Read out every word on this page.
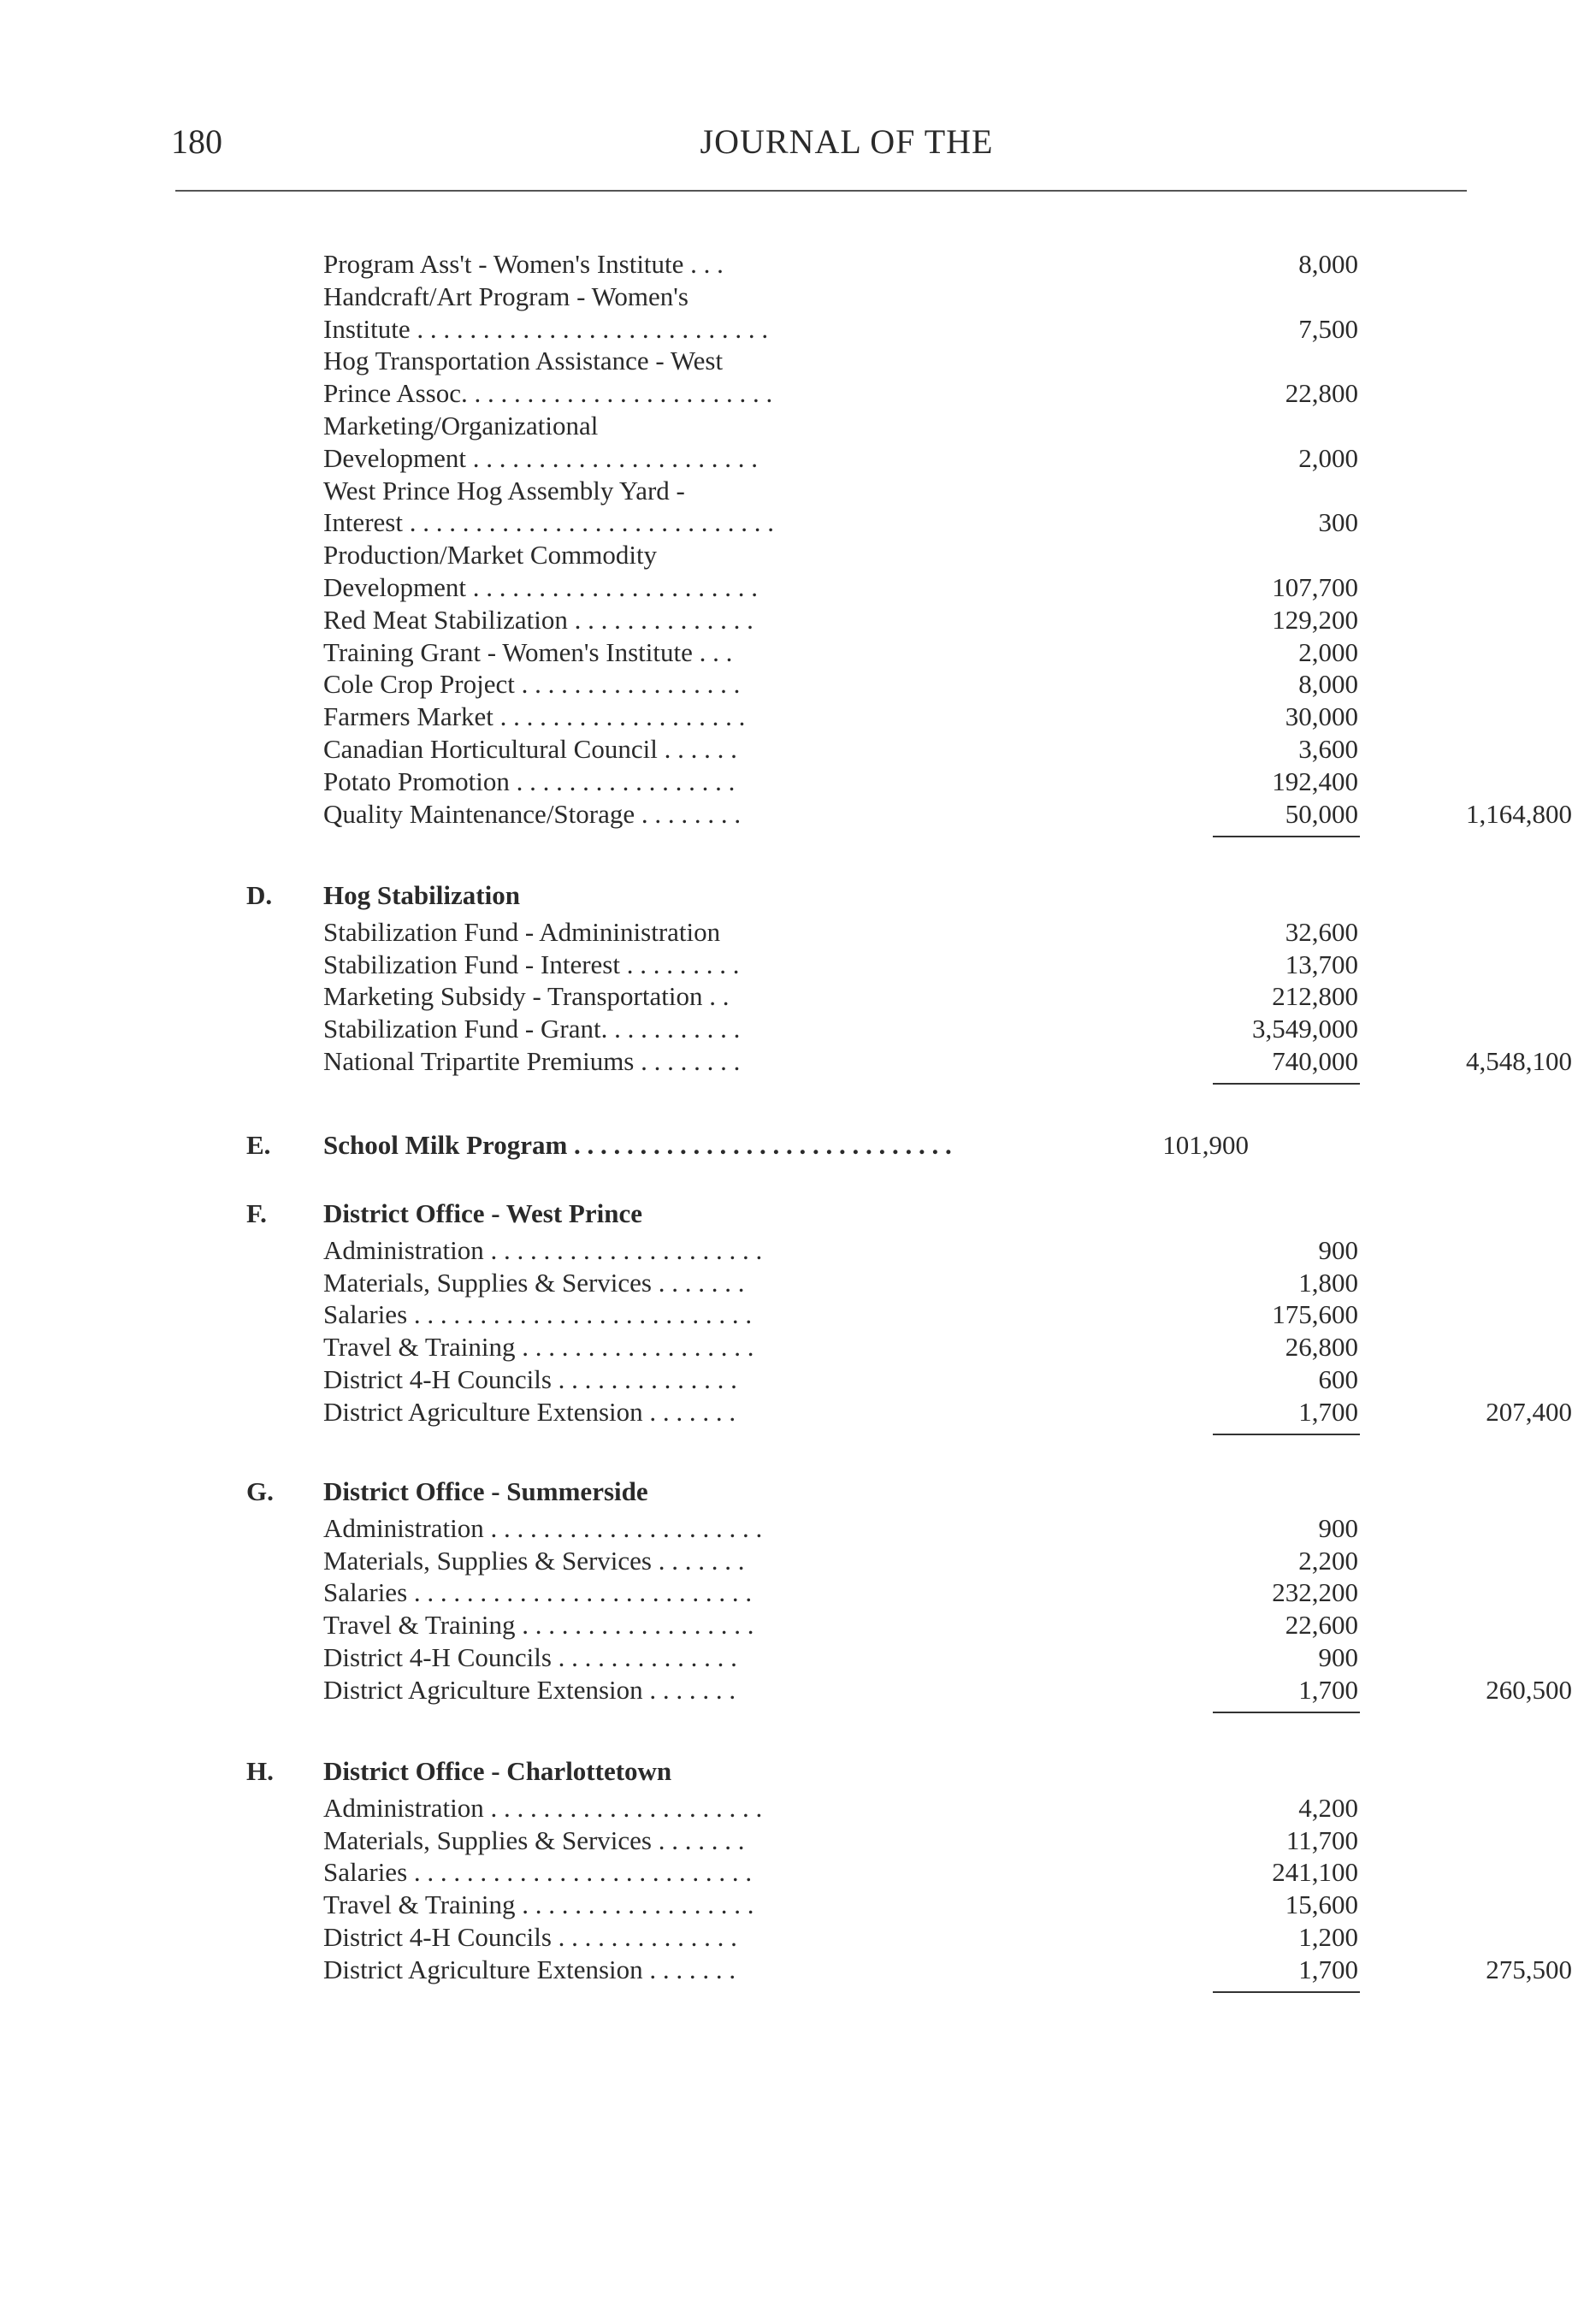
180	JOURNAL OF THE
Program Ass't - Women's Institute . . .	8,000
Handcraft/Art Program - Women's
Institute . . . . . . . . . . . . . . . . . . . . . . . . . . .	7,500
Hog Transportation Assistance - West
Prince Assoc. . . . . . . . . . . . . . . . . . . . . . . .	22,800
Marketing/Organizational
Development . . . . . . . . . . . . . . . . . . . . . .	2,000
West Prince Hog Assembly Yard -
Interest . . . . . . . . . . . . . . . . . . . . . . . . . . . .	300
Production/Market Commodity
Development . . . . . . . . . . . . . . . . . . . . . .	107,700
Red Meat Stabilization . . . . . . . . . . . . . .	129,200
Training Grant - Women's Institute . . .	2,000
Cole Crop Project . . . . . . . . . . . . . . . . .	8,000
Farmers Market . . . . . . . . . . . . . . . . . . .	30,000
Canadian Horticultural Council . . . . . .	3,600
Potato Promotion . . . . . . . . . . . . . . . . .	192,400
Quality Maintenance/Storage . . . . . . . .	50,000	1,164,800
D. Hog Stabilization
Stabilization Fund - Admininistration	32,600
Stabilization Fund - Interest . . . . . . . . .	13,700
Marketing Subsidy - Transportation . .	212,800
Stabilization Fund - Grant. . . . . . . . . . .	3,549,000
National Tripartite Premiums . . . . . . . .	740,000	4,548,100
E. School Milk Program . . . . . . . . . . . . . . . . . . . . . . . . . . . . .	101,900
F. District Office - West Prince
Administration . . . . . . . . . . . . . . . . . . . . .	900
Materials, Supplies & Services . . . . . . .	1,800
Salaries . . . . . . . . . . . . . . . . . . . . . . . . . .	175,600
Travel & Training . . . . . . . . . . . . . . . . . .	26,800
District 4-H Councils . . . . . . . . . . . . . .	600
District Agriculture Extension . . . . . . .	1,700	207,400
G. District Office - Summerside
Administration . . . . . . . . . . . . . . . . . . . . .	900
Materials, Supplies & Services . . . . . . .	2,200
Salaries . . . . . . . . . . . . . . . . . . . . . . . . . .	232,200
Travel & Training . . . . . . . . . . . . . . . . . .	22,600
District 4-H Councils . . . . . . . . . . . . . .	900
District Agriculture Extension . . . . . . .	1,700	260,500
H. District Office - Charlottetown
Administration . . . . . . . . . . . . . . . . . . . . .	4,200
Materials, Supplies & Services . . . . . . .	11,700
Salaries . . . . . . . . . . . . . . . . . . . . . . . . . .	241,100
Travel & Training . . . . . . . . . . . . . . . . . .	15,600
District 4-H Councils . . . . . . . . . . . . . .	1,200
District Agriculture Extension . . . . . . .	1,700	275,500
